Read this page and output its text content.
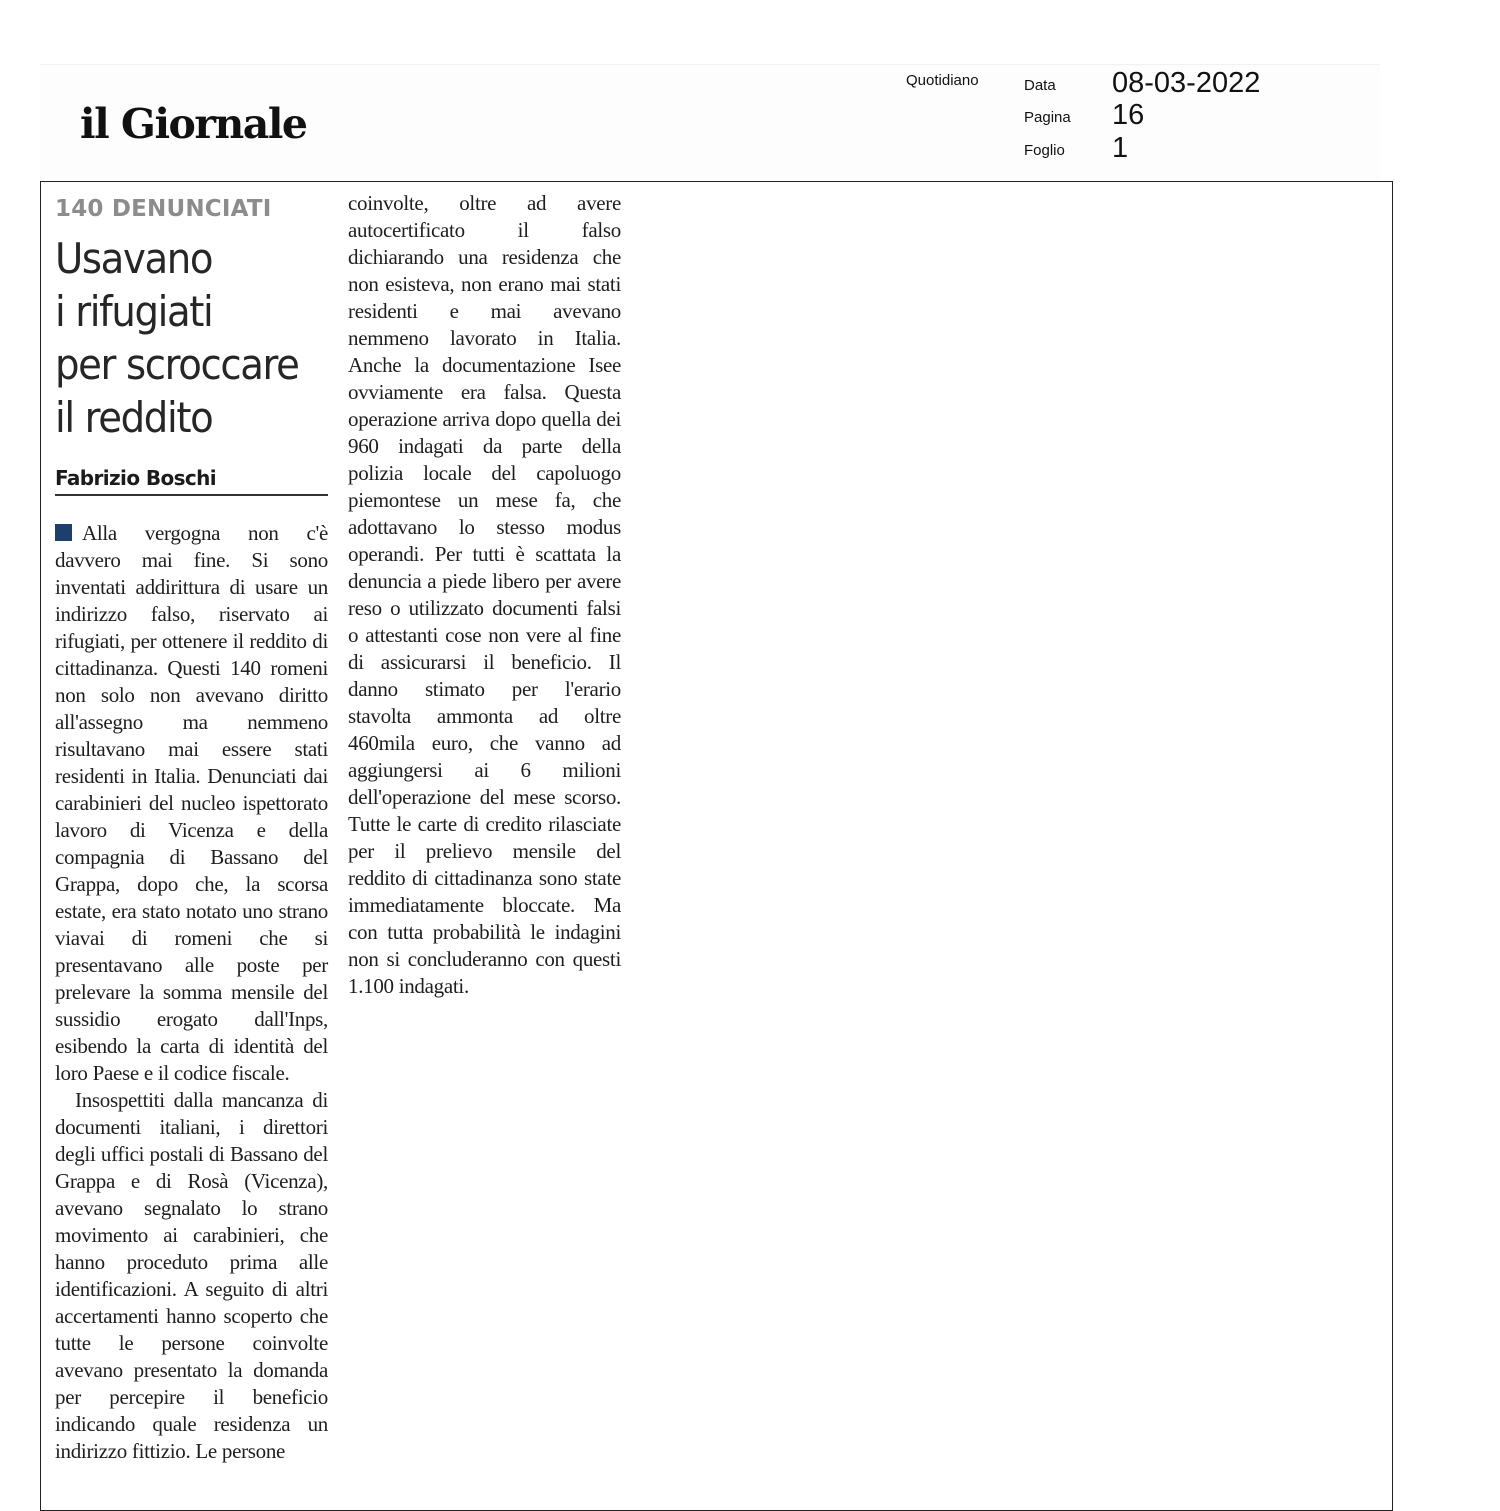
il Giornale
Quotidiano	Data 08-03-2022
Pagina 16
Foglio 1
140 DENUNCIATI
Usavano
i rifugiati
per scroccare
il reddito
Fabrizio Boschi

Alla vergogna non c'è davvero mai fine. Si sono inventati addirittura di usare un indirizzo falso, riservato ai rifugiati, per ottenere il reddito di cittadinanza. Questi 140 romeni non solo non avevano diritto all'assegno ma nemmeno risultavano mai essere stati residenti in Italia. Denunciati dai carabinieri del nucleo ispettorato lavoro di Vicenza e della compagnia di Bassano del Grappa, dopo che, la scorsa estate, era stato notato uno strano viavai di romeni che si presentavano alle poste per prelevare la somma mensile del sussidio erogato dall'Inps, esibendo la carta di identità del loro Paese e il codice fiscale.

Insospettiti dalla mancanza di documenti italiani, i direttori degli uffici postali di Bassano del Grappa e di Rosà (Vicenza), avevano segnalato lo strano movimento ai carabinieri, che hanno proceduto prima alle identificazioni. A seguito di altri accertamenti hanno scoperto che tutte le persone coinvolte avevano presentato la domanda per percepire il beneficio indicando quale residenza un indirizzo fittizio. Le persone

coinvolte, oltre ad avere autocertificato il falso dichiarando una residenza che non esisteva, non erano mai stati residenti e mai avevano nemmeno lavorato in Italia. Anche la documentazione Isee ovviamente era falsa. Questa operazione arriva dopo quella dei 960 indagati da parte della polizia locale del capoluogo piemontese un mese fa, che adottavano lo stesso modus operandi. Per tutti è scattata la denuncia a piede libero per avere reso o utilizzato documenti falsi o attestanti cose non vere al fine di assicurarsi il beneficio. Il danno stimato per l'erario stavolta ammonta ad oltre 460mila euro, che vanno ad aggiungersi ai 6 milioni dell'operazione del mese scorso. Tutte le carte di credito rilasciate per il prelievo mensile del reddito di cittadinanza sono state immediatamente bloccate. Ma con tutta probabilità le indagini non si concluderanno con questi 1.100 indagati.
